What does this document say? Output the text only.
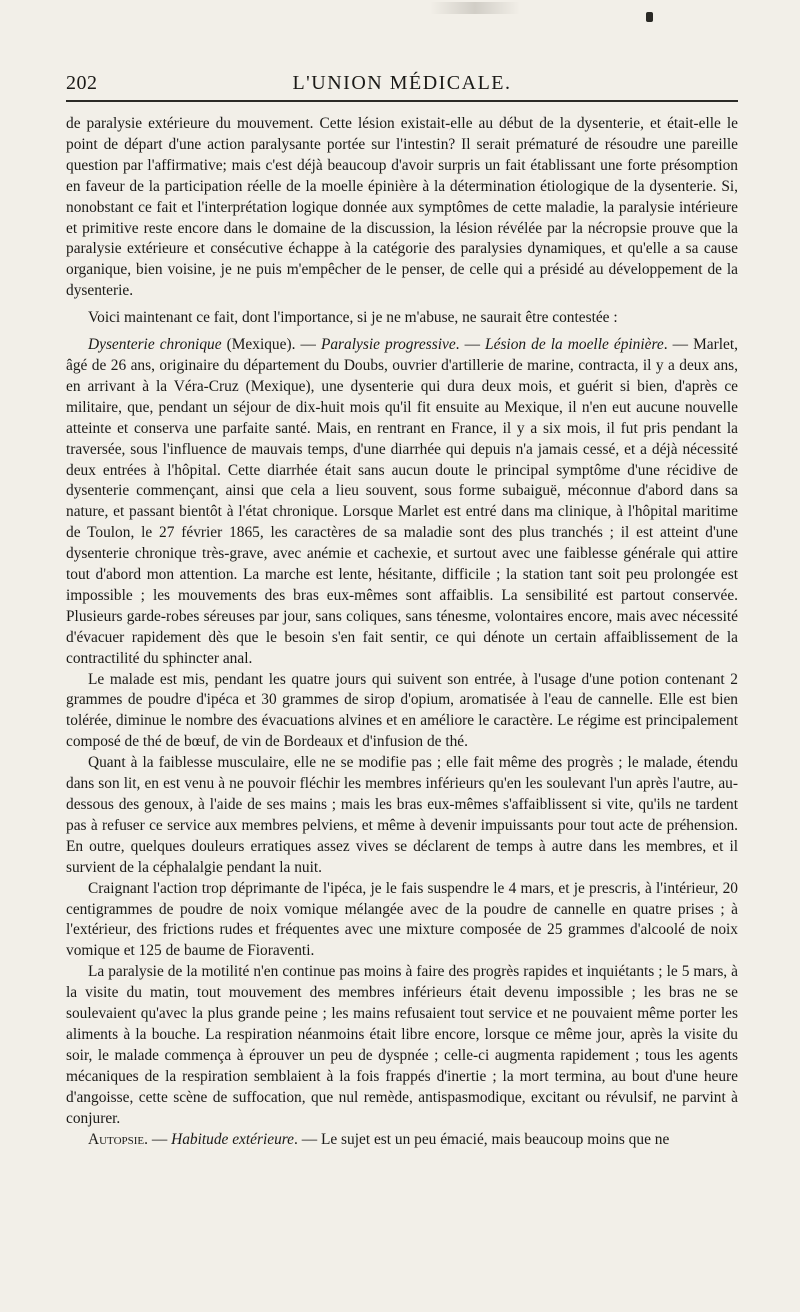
202	L'UNION MÉDICALE.

de paralysie extérieure du mouvement. Cette lésion existait-elle au début de la dysenterie, et était-elle le point de départ d'une action paralysante portée sur l'intestin? Il serait prématuré de résoudre une pareille question par l'affirmative; mais c'est déjà beaucoup d'avoir surpris un fait établissant une forte présomption en faveur de la participation réelle de la moelle épinière à la détermination étiologique de la dysenterie. Si, nonobstant ce fait et l'interprétation logique donnée aux symptômes de cette maladie, la paralysie intérieure et primitive reste encore dans le domaine de la discussion, la lésion révélée par la nécropsie prouve que la paralysie extérieure et consécutive échappe à la catégorie des paralysies dynamiques, et qu'elle a sa cause organique, bien voisine, je ne puis m'empêcher de le penser, de celle qui a présidé au développement de la dysenterie.

Voici maintenant ce fait, dont l'importance, si je ne m'abuse, ne saurait être contestée :

Dysenterie chronique (Mexique). — Paralysie progressive. — Lésion de la moelle épinière. — Marlet, âgé de 26 ans, originaire du département du Doubs, ouvrier d'artillerie de marine, contracta, il y a deux ans, en arrivant à la Véra-Cruz (Mexique), une dysenterie qui dura deux mois, et guérit si bien, d'après ce militaire, que, pendant un séjour de dix-huit mois qu'il fit ensuite au Mexique, il n'en eut aucune nouvelle atteinte et conserva une parfaite santé. Mais, en rentrant en France, il y a six mois, il fut pris pendant la traversée, sous l'influence de mauvais temps, d'une diarrhée qui depuis n'a jamais cessé, et a déjà nécessité deux entrées à l'hôpital. Cette diarrhée était sans aucun doute le principal symptôme d'une récidive de dysenterie commençant, ainsi que cela a lieu souvent, sous forme subaiguë, méconnue d'abord dans sa nature, et passant bientôt à l'état chronique. Lorsque Marlet est entré dans ma clinique, à l'hôpital maritime de Toulon, le 27 février 1865, les caractères de sa maladie sont des plus tranchés ; il est atteint d'une dysenterie chronique très-grave, avec anémie et cachexie, et surtout avec une faiblesse générale qui attire tout d'abord mon attention. La marche est lente, hésitante, difficile ; la station tant soit peu prolongée est impossible ; les mouvements des bras eux-mêmes sont affaiblis. La sensibilité est partout conservée. Plusieurs garde-robes séreuses par jour, sans coliques, sans ténesme, volontaires encore, mais avec nécessité d'évacuer rapidement dès que le besoin s'en fait sentir, ce qui dénote un certain affaiblissement de la contractilité du sphincter anal.

Le malade est mis, pendant les quatre jours qui suivent son entrée, à l'usage d'une potion contenant 2 grammes de poudre d'ipéca et 30 grammes de sirop d'opium, aromatisée à l'eau de cannelle. Elle est bien tolérée, diminue le nombre des évacuations alvines et en améliore le caractère. Le régime est principalement composé de thé de bœuf, de vin de Bordeaux et d'infusion de thé.

Quant à la faiblesse musculaire, elle ne se modifie pas ; elle fait même des progrès ; le malade, étendu dans son lit, en est venu à ne pouvoir fléchir les membres inférieurs qu'en les soulevant l'un après l'autre, au-dessous des genoux, à l'aide de ses mains ; mais les bras eux-mêmes s'affaiblissent si vite, qu'ils ne tardent pas à refuser ce service aux membres pelviens, et même à devenir impuissants pour tout acte de préhension. En outre, quelques douleurs erratiques assez vives se déclarent de temps à autre dans les membres, et il survient de la céphalalgie pendant la nuit.

Craignant l'action trop déprimante de l'ipéca, je le fais suspendre le 4 mars, et je prescris, à l'intérieur, 20 centigrammes de poudre de noix vomique mélangée avec de la poudre de cannelle en quatre prises ; à l'extérieur, des frictions rudes et fréquentes avec une mixture composée de 25 grammes d'alcoolé de noix vomique et 125 de baume de Fioraventi.

La paralysie de la motilité n'en continue pas moins à faire des progrès rapides et inquiétants ; le 5 mars, à la visite du matin, tout mouvement des membres inférieurs était devenu impossible ; les bras ne se soulevaient qu'avec la plus grande peine ; les mains refusaient tout service et ne pouvaient même porter les aliments à la bouche. La respiration néanmoins était libre encore, lorsque ce même jour, après la visite du soir, le malade commença à éprouver un peu de dyspnée ; celle-ci augmenta rapidement ; tous les agents mécaniques de la respiration semblaient à la fois frappés d'inertie ; la mort termina, au bout d'une heure d'angoisse, cette scène de suffocation, que nul remède, antispasmodique, excitant ou révulsif, ne parvint à conjurer.

Autopsie. — Habitude extérieure. — Le sujet est un peu émacié, mais beaucoup moins que ne
